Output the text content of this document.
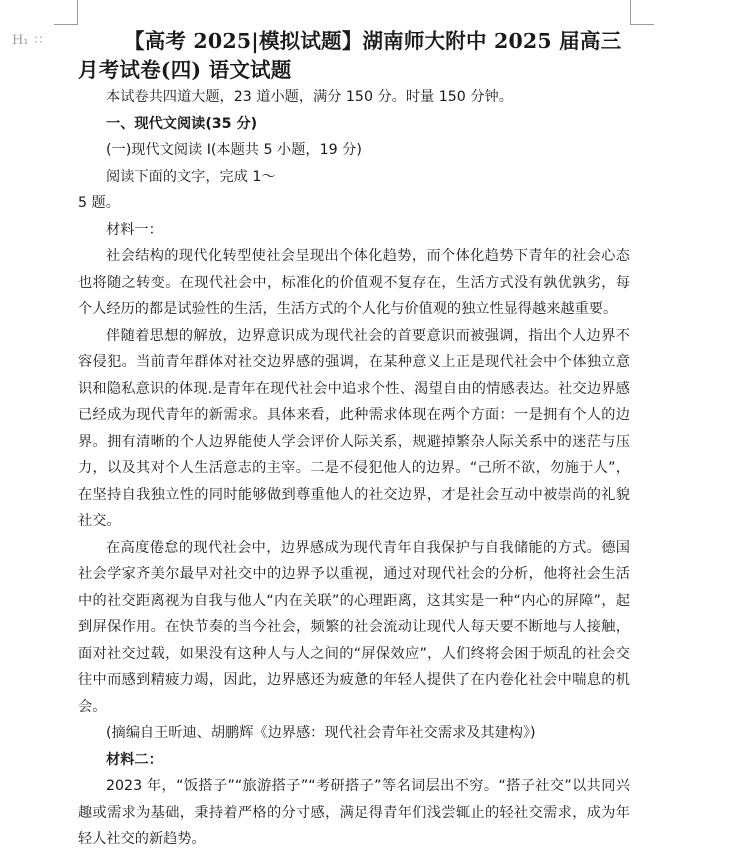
H₁ ∷	【高考 2025|模拟试题】湖南师大附中 2025 届高三月考试卷(四) 语文试题

本试卷共四道大题，23 道小题，满分 150 分。时量 150 分钟。

一、现代文阅读(35 分)

(一)现代文阅读 I(本题共 5 小题，19 分)

阅读下面的文字，完成 1～

5 题。

材料一：

社会结构的现代化转型使社会呈现出个体化趋势，而个体化趋势下青年的社会心态也将随之转变。在现代社会中，标准化的价值观不复存在，生活方式没有孰优孰劣，每个人经历的都是试验性的生活，生活方式的个人化与价值观的独立性显得越来越重要。

伴随着思想的解放，边界意识成为现代社会的首要意识而被强调，指出个人边界不容侵犯。当前青年群体对社交边界感的强调，在某种意义上正是现代社会中个体独立意识和隐私意识的体现.是青年在现代社会中追求个性、渴望自由的情感表达。社交边界感已经成为现代青年的新需求。具体来看，此种需求体现在两个方面：一是拥有个人的边界。拥有清晰的个人边界能使人学会评价人际关系，规避掉繁杂人际关系中的迷茫与压力，以及其对个人生活意志的主宰。二是不侵犯他人的边界。“己所不欲，勿施于人”，在坚持自我独立性的同时能够做到尊重他人的社交边界，才是社会互动中被崇尚的礼貌社交。

在高度倦怠的现代社会中，边界感成为现代青年自我保护与自我储能的方式。德国社会学家齐美尔最早对社交中的边界予以重视，通过对现代社会的分析，他将社会生活中的社交距离视为自我与他人“内在关联”的心理距离，这其实是一种“内心的屏障”，起到屏保作用。在快节奏的当今社会，频繁的社会流动让现代人每天要不断地与人接触，面对社交过载，如果没有这种人与人之间的“屏保效应”，人们终将会困于烦乱的社会交往中而感到精疲力竭，因此，边界感还为疲惫的年轻人提供了在内卷化社会中喘息的机会。

(摘编自王昕迪、胡鹏辉《边界感：现代社会青年社交需求及其建构》)

材料二：

2023 年，“饭搭子”“旅游搭子”“考研搭子”等名词层出不穷。“搭子社交”以共同兴趣或需求为基础，秉持着严格的分寸感，满足得青年们浅尝辄止的轻社交需求，成为年轻人社交的新趋势。
